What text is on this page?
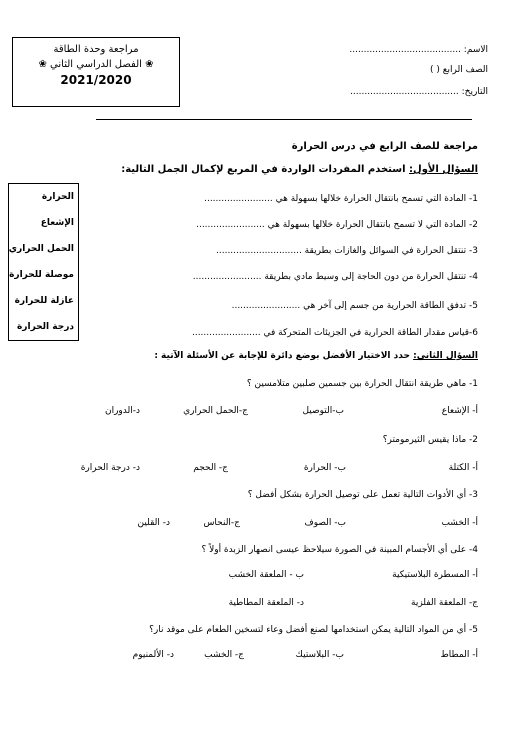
مراجعة وحدة الطاقة
❀ الفصل الدراسي الثاني ❀
2021/2020
الاسم: .......................................
الصف الرابع ( )
التاريخ: ......................................
مراجعة للصف الرابع في درس الحرارة
السؤال الأول: استخدم المفردات الواردة في المربع لإكمال الجمل التالية:
1- المادة التي تسمح بانتقال الحرارة خلالها بسهولة هي ........................
2- المادة التي لا تسمح بانتقال الحرارة خلالها بسهولة هي ........................
3- تنتقل الحرارة في السوائل والغازات بطريقة ..............................
4- تنتقل الحرارة من دون الحاجة إلى وسيط مادي بطريقة ........................
5- تدفق الطاقة الحرارية من جسم إلى آخر هي ........................
6-قياس مقدار الطاقة الحرارية في الجزيئات المتحركة في ........................
الحرارة
الإشعاع
الحمل الحراري
موصلة للحرارة
عازلة للحرارة
درجة الحرارة
السؤال الثاني: حدد الاختيار الأفضل بوضع دائرة للإجابة عن الأسئلة الآتية :
1- ماهي طريقة انتقال الحرارة بين جسمين صلبين متلامسين ؟
أ- الإشعاع
ب-التوصيل
ج-الحمل الحراري
د-الدوران
2- ماذا يقيس الثيرمومتر؟
أ- الكتلة
ب- الحرارة
ج- الحجم
د- درجة الحرارة
3- أي الأدوات التالية تعمل على توصيل الحرارة بشكل أفضل ؟
أ- الخشب
ب- الصوف
ج-النحاس
د- القلين
4- على أي الأجسام المبينة في الصورة سيلاحظ عيسى انصهار الزبدة أولاً ؟
أ- المسطرة البلاستيكية
ب - الملعقة الخشب
ج- الملعقة الفلزية
د- الملعقة المطاطية
5- أي من المواد التالية يمكن استخدامها لصنع أفضل وعاء لتسخين الطعام على موقد نار؟
أ- المطاط
ب- البلاستيك
ج- الخشب
د- الألمنيوم
